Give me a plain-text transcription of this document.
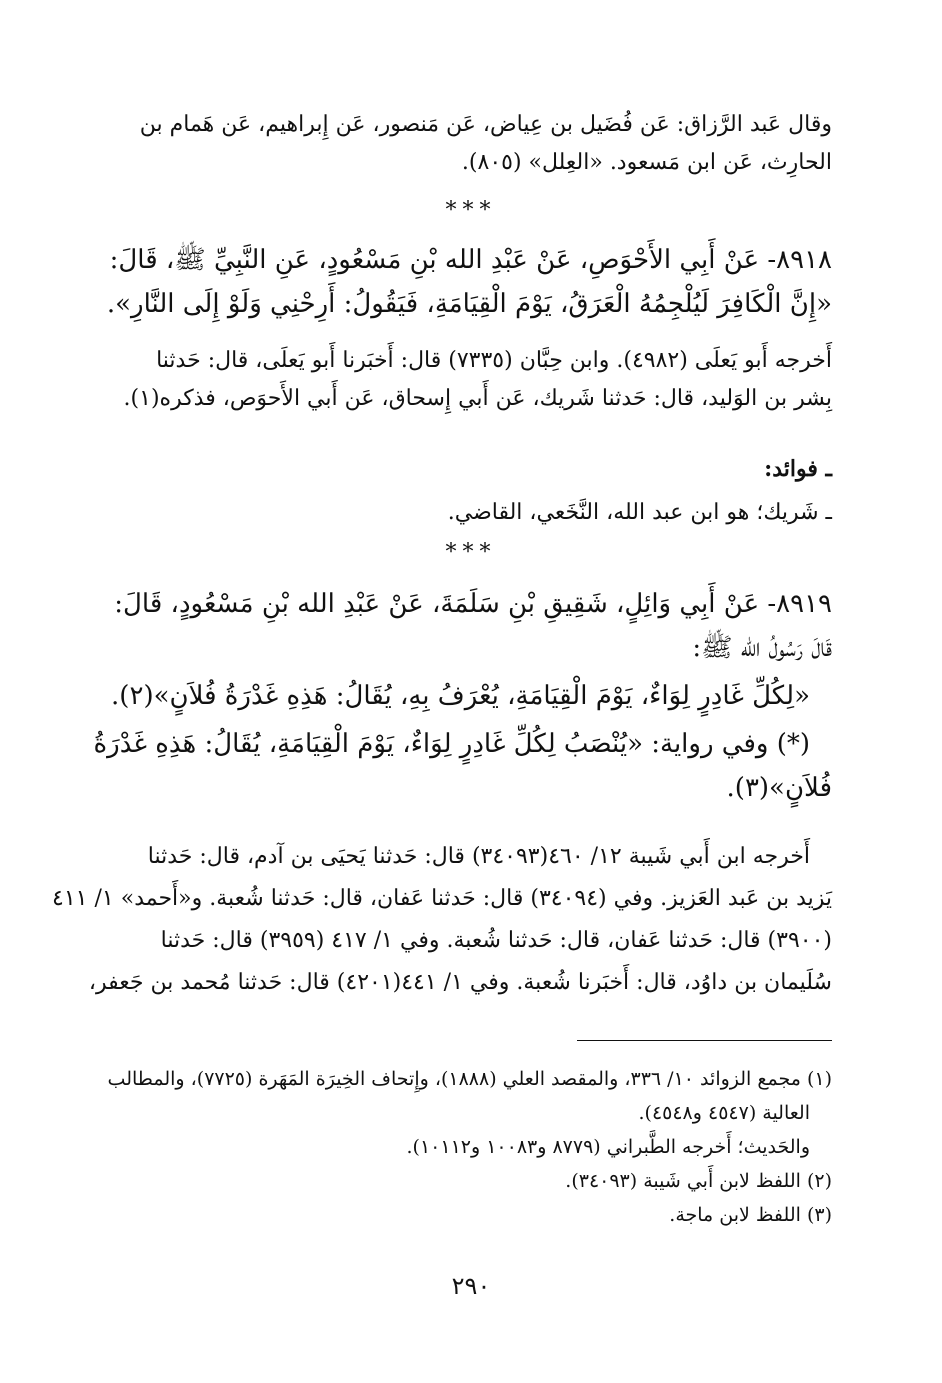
وقال عَبد الرَّزاق: عَن فُضَيل بن عِياض، عَن مَنصور، عَن إِبراهيم، عَن هَمام بن
الحارِث، عَن ابن مَسعود. «العِلل» (٨٠٥).
***
٨٩١٨- عَنْ أَبِي الأَحْوَصِ، عَنْ عَبْدِ الله بْنِ مَسْعُودٍ، عَنِ النَّبِيِّ ﷺ، قَالَ:
«إِنَّ الْكَافِرَ لَيُلْجِمُهُ الْعَرَقُ، يَوْمَ الْقِيَامَةِ، فَيَقُولُ: أَرِحْنِي وَلَوْ إِلَى النَّارِ».
أَخرجه أَبو يَعلَى (٤٩٨٢). وابن حِبَّان (٧٣٣٥) قال: أَخبَرنا أَبو يَعلَى، قال: حَدثنا
بِشر بن الوَليد، قال: حَدثنا شَريك، عَن أَبي إِسحاق، عَن أَبي الأَحوَص، فذكره(١).
ـ فوائد:
ـ شَريك؛ هو ابن عبد الله، النَّخَعي، القاضي.
***
٨٩١٩- عَنْ أَبِي وَائِلٍ، شَقِيقِ بْنِ سَلَمَةَ، عَنْ عَبْدِ الله بْنِ مَسْعُودٍ، قَالَ:
قَالَ رَسُولُ الله ﷺ:
«لِكُلِّ غَادِرٍ لِوَاءٌ، يَوْمَ الْقِيَامَةِ، يُعْرَفُ بِهِ، يُقَالُ: هَذِهِ غَدْرَةُ فُلاَنٍ»(٢).
(*) وفي رواية: «يُنْصَبُ لِكُلِّ غَادِرٍ لِوَاءٌ، يَوْمَ الْقِيَامَةِ، يُقَالُ: هَذِهِ غَدْرَةُ
فُلاَنٍ»(٣).
أَخرجه ابن أَبي شَيبة ١٢/ ٤٦٠(٣٤٠٩٣) قال: حَدثنا يَحيَى بن آدم، قال: حَدثنا
يَزيد بن عَبد العَزيز. وفي (٣٤٠٩٤) قال: حَدثنا عَفان، قال: حَدثنا شُعبة. و«أَحمد» ١/ ٤١١
(٣٩٠٠) قال: حَدثنا عَفان، قال: حَدثنا شُعبة. وفي ١/ ٤١٧ (٣٩٥٩) قال: حَدثنا
سُلَيمان بن داوُد، قال: أَخبَرنا شُعبة. وفي ١/ ٤٤١(٤٢٠١) قال: حَدثنا مُحمد بن جَعفر،
(١) مجمع الزوائد ١٠/ ٣٣٦، والمقصد العلي (١٨٨٨)، وإِتحاف الخِيرَة المَهَرة (٧٧٢٥)، والمطالب
العالية (٤٥٤٧ و٤٥٤٨).
والحَديث؛ أَخرجه الطَّبراني (٨٧٧٩ و١٠٠٨٣ و١٠١١٢).
(٢) اللفظ لابن أَبي شَيبة (٣٤٠٩٣).
(٣) اللفظ لابن ماجة.
٢٩٠
